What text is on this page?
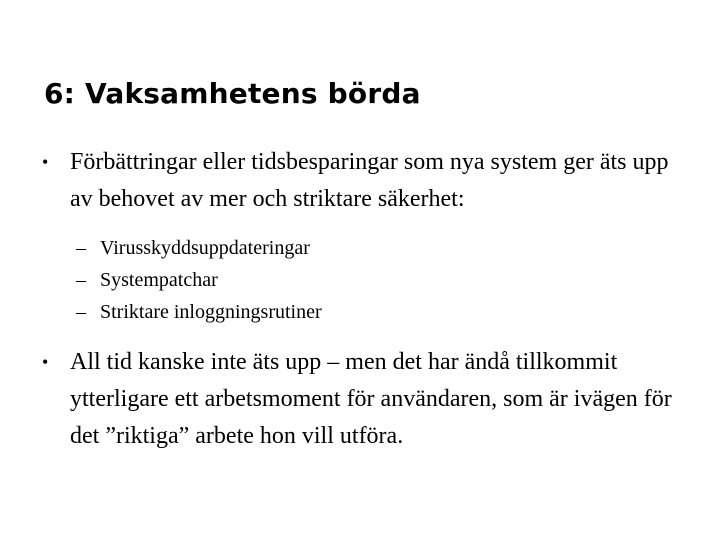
6: Vaksamhetens börda
• Förbättringar eller tidsbesparingar som nya system ger äts upp av behovet av mer och striktare säkerhet:
– Virusskyddsuppdateringar
– Systempatchar
– Striktare inloggningsrutiner
• All tid kanske inte äts upp – men det har ändå tillkommit ytterligare ett arbetsmoment för användaren, som är ivägen för det ”riktiga” arbete hon vill utföra.
